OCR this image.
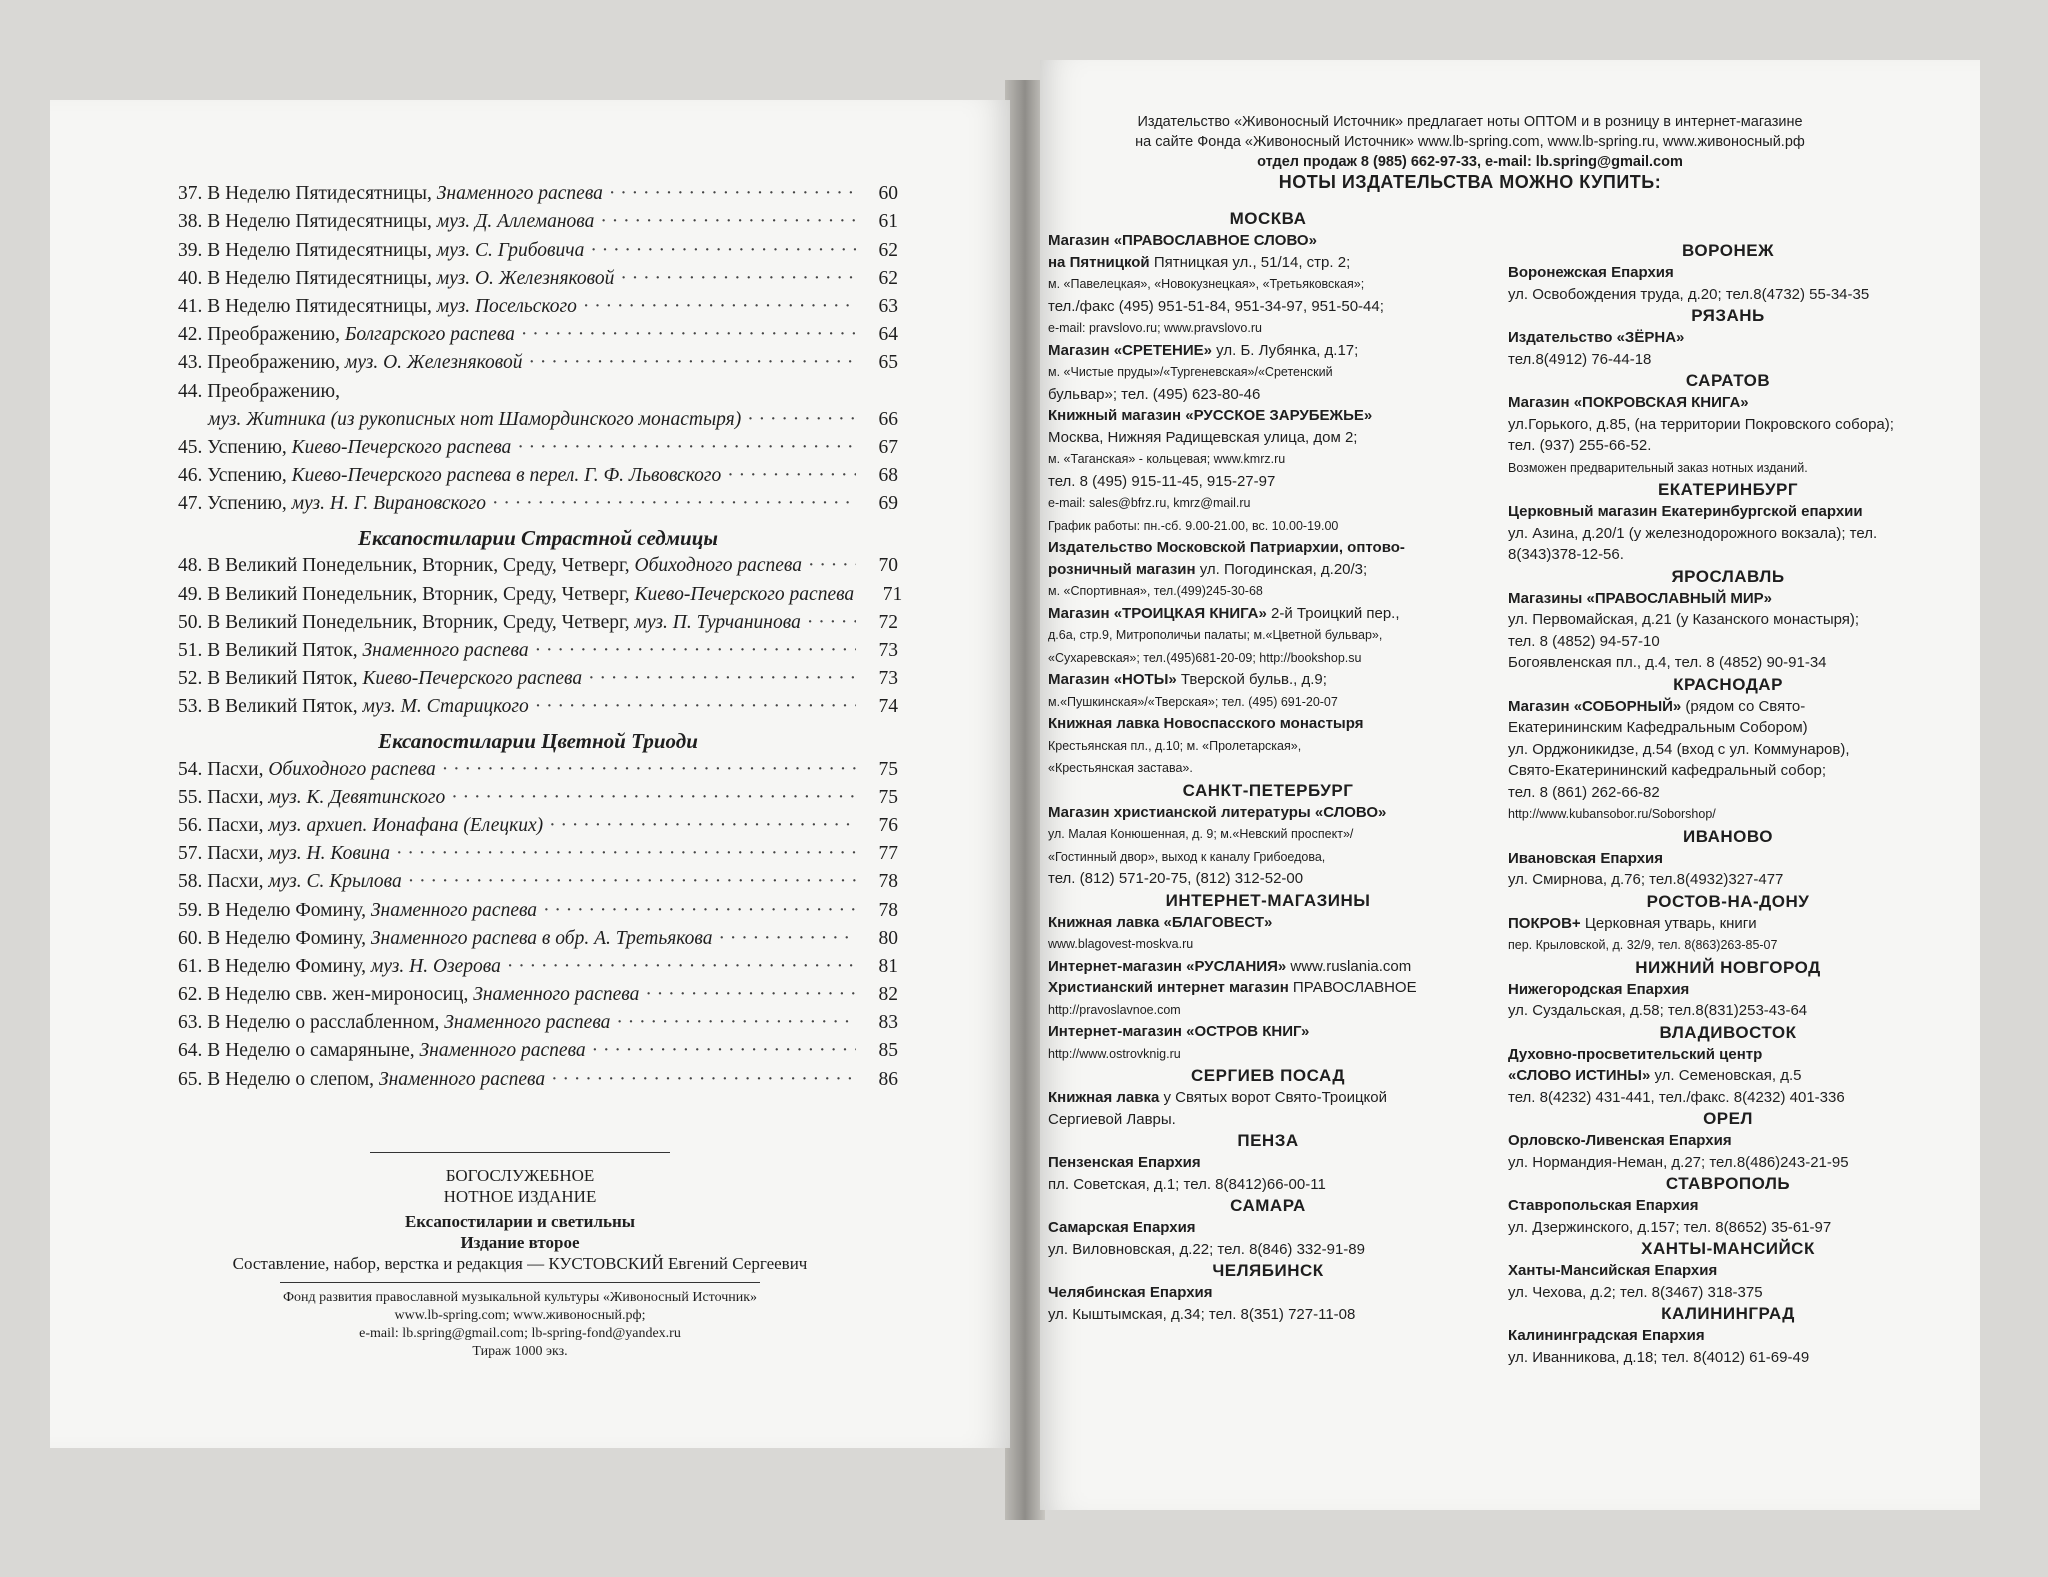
37. В Неделю Пятидесятницы, Знаменного распева · · ·	60
38. В Неделю Пятидесятницы, муз. Д. Аллеманова · · ·	61
39. В Неделю Пятидесятницы, муз. С. Грибовича · · ·	62
40. В Неделю Пятидесятницы, муз. О. Железняковой · · ·	62
41. В Неделю Пятидесятницы, муз. Посельского · · ·	63
42. Преображению, Болгарского распева · · ·	64
43. Преображению, муз. О. Железняковой · · ·	65
44. Преображению,
муз. Житника (из рукописных нот Шамординского монастыря) · · ·	66
45. Успению, Киево-Печерского распева · · ·	67
46. Успению, Киево-Печерского распева в перел. Г. Ф. Львовского · · ·	68
47. Успению, муз. Н. Г. Вирановского · · ·	69
Ексапостиларии Страстной седмицы
48. В Великий Понедельник, Вторник, Среду, Четверг, Обиходного распева · · ·	70
49. В Великий Понедельник, Вторник, Среду, Четверг, Киево-Печерского распева	71
50. В Великий Понедельник, Вторник, Среду, Четверг, муз. П. Турчанинова · · ·	72
51. В Великий Пяток, Знаменного распева · · ·	73
52. В Великий Пяток, Киево-Печерского распева · · ·	73
53. В Великий Пяток, муз. М. Старицкого · · ·	74
Ексапостиларии Цветной Триоди
54. Пасхи, Обиходного распева · · ·	75
55. Пасхи, муз. К. Девятинского · · ·	75
56. Пасхи, муз. архиеп. Ионафана (Елецких) · · ·	76
57. Пасхи, муз. Н. Ковина · · ·	77
58. Пасхи, муз. С. Крылова · · ·	78
59. В Неделю Фомину, Знаменного распева · · ·	78
60. В Неделю Фомину, Знаменного распева в обр. А. Третьякова · · ·	80
61. В Неделю Фомину, муз. Н. Озерова · · ·	81
62. В Неделю свв. жен-мироносиц, Знаменного распева · · ·	82
63. В Неделю о расслабленном, Знаменного распева · · ·	83
64. В Неделю о самаряныне, Знаменного распева · · ·	85
65. В Неделю о слепом, Знаменного распева · · ·	86
БОГОСЛУЖЕБНОЕ
НОТНОЕ ИЗДАНИЕ
Ексапостиларии и светильны
Издание второе
Составление, набор, верстка и редакция — КУСТОВСКИЙ Евгений Сергеевич
Фонд развития православной музыкальной культуры «Живоносный Источник»
www.lb-spring.com; www.живоносный.рф;
e-mail: lb.spring@gmail.com; lb-spring-fond@yandex.ru
Тираж 1000 экз.
Издательство «Живоносный Источник» предлагает ноты ОПТОМ и в розницу в интернет-магазине
на сайте Фонда «Живоносный Источник» www.lb-spring.com, www.lb-spring.ru, www.живоносный.рф
отдел продаж 8 (985) 662-97-33, e-mail: lb.spring@gmail.com
НОТЫ ИЗДАТЕЛЬСТВА МОЖНО КУПИТЬ:
МОСКВА
Магазин «ПРАВОСЛАВНОЕ СЛОВО»
на Пятницкой Пятницкая ул., 51/14, стр. 2;
м. «Павелецкая», «Новокузнецкая», «Третьяковская»;
тел./факс (495) 951-51-84, 951-34-97, 951-50-44;
e-mail: pravslovo.ru; www.pravslovo.ru
Магазин «СРЕТЕНИЕ» ул. Б. Лубянка, д.17;
м. «Чистые пруды»/«Тургеневская»/«Сретенский
бульвар»; тел. (495) 623-80-46
Книжный магазин «РУССКОЕ ЗАРУБЕЖЬЕ»
Москва, Нижняя Радищевская улица, дом 2;
м. «Таганская» - кольцевая; www.kmrz.ru
тел. 8 (495) 915-11-45, 915-27-97
e-mail: sales@bfrz.ru, kmrz@mail.ru
График работы: пн.-сб. 9.00-21.00, вс. 10.00-19.00
Издательство Московской Патриархии, оптово-
розничный магазин ул. Погодинская, д.20/3;
м. «Спортивная», тел.(499)245-30-68
Магазин «ТРОИЦКАЯ КНИГА» 2-й Троицкий пер.,
д.6а, стр.9, Митрополичьи палаты; м.«Цветной бульвар»,
«Сухаревская»; тел.(495)681-20-09; http://bookshop.su
Магазин «НОТЫ» Тверской бульв., д.9;
м.«Пушкинская»/«Тверская»; тел. (495) 691-20-07
Книжная лавка Новоспасского монастыря
Крестьянская пл., д.10; м. «Пролетарская»,
«Крестьянская застава».
САНКТ-ПЕТЕРБУРГ
Магазин христианской литературы «СЛОВО»
ул. Малая Конюшенная, д. 9; м.«Невский проспект»/
«Гостинный двор», выход к каналу Грибоедова,
тел. (812) 571-20-75, (812) 312-52-00
ИНТЕРНЕТ-МАГАЗИНЫ
Книжная лавка «БЛАГОВЕСТ»
www.blagovest-moskva.ru
Интернет-магазин «РУСЛАНИЯ» www.ruslania.com
Христианский интернет магазин ПРАВОСЛАВНОЕ
http://pravoslavnoe.com
Интернет-магазин «ОСТРОВ КНИГ»
http://www.ostrovknig.ru
СЕРГИЕВ ПОСАД
Книжная лавка у Святых ворот Свято-Троицкой
Сергиевой Лавры.
ПЕНЗА
Пензенская Епархия
пл. Советская, д.1; тел. 8(8412)66-00-11
САМАРА
Самарская Епархия
ул. Виловновская, д.22; тел. 8(846) 332-91-89
ЧЕЛЯБИНСК
Челябинская Епархия
ул. Кыштымская, д.34; тел. 8(351) 727-11-08
ВОРОНЕЖ
Воронежская Епархия
ул. Освобождения труда, д.20; тел.8(4732) 55-34-35
РЯЗАНЬ
Издательство «ЗЁРНА»
тел.8(4912) 76-44-18
САРАТОВ
Магазин «ПОКРОВСКАЯ КНИГА»
ул.Горького, д.85, (на территории Покровского собора);
тел. (937) 255-66-52.
Возможен предварительный заказ нотных изданий.
ЕКАТЕРИНБУРГ
Церковный магазин Екатеринбургской епархии
ул. Азина, д.20/1 (у железнодорожного вокзала); тел.
8(343)378-12-56.
ЯРОСЛАВЛЬ
Магазины «ПРАВОСЛАВНЫЙ МИР»
ул. Первомайская, д.21 (у Казанского монастыря);
тел. 8 (4852) 94-57-10
Богоявленская пл., д.4, тел. 8 (4852) 90-91-34
КРАСНОДАР
Магазин «СОБОРНЫЙ» (рядом со Свято-
Екатерининским Кафедральным Собором)
ул. Орджоникидзе, д.54 (вход с ул. Коммунаров),
Свято-Екатерининский кафедральный собор;
тел. 8 (861) 262-66-82
http://www.kubansobor.ru/Soborshop/
ИВАНОВО
Ивановская Епархия
ул. Смирнова, д.76; тел.8(4932)327-477
РОСТОВ-НА-ДОНУ
ПОКРОВ+ Церковная утварь, книги
пер. Крыловской, д. 32/9, тел. 8(863)263-85-07
НИЖНИЙ НОВГОРОД
Нижегородская Епархия
ул. Суздальская, д.58; тел.8(831)253-43-64
ВЛАДИВОСТОК
Духовно-просветительский центр
«СЛОВО ИСТИНЫ» ул. Семеновская, д.5
тел. 8(4232) 431-441, тел./факс. 8(4232) 401-336
ОРЕЛ
Орловско-Ливенская Епархия
ул. Нормандия-Неман, д.27; тел.8(486)243-21-95
СТАВРОПОЛЬ
Ставропольская Епархия
ул. Дзержинского, д.157; тел. 8(8652) 35-61-97
ХАНТЫ-МАНСИЙСК
Ханты-Мансийская Епархия
ул. Чехова, д.2; тел. 8(3467) 318-375
КАЛИНИНГРАД
Калининградская Епархия
ул. Иванникова, д.18; тел. 8(4012) 61-69-49
